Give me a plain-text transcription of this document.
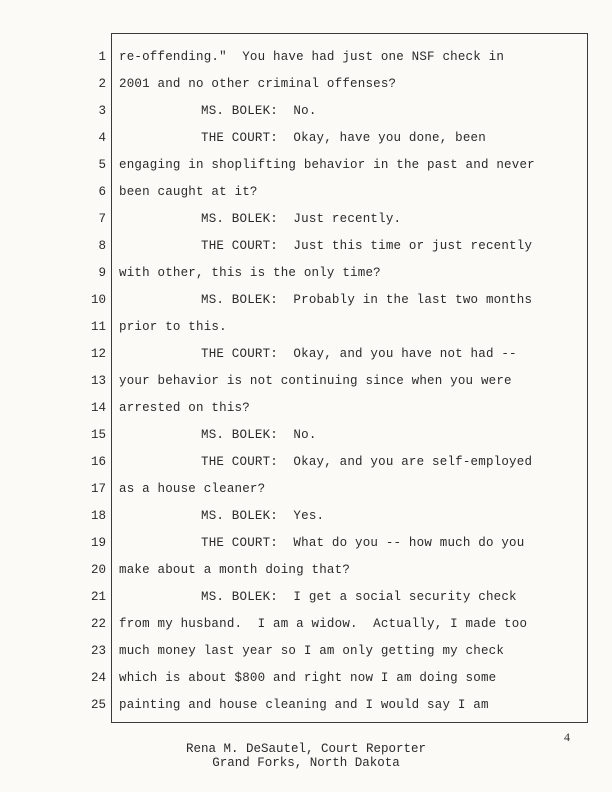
1 re-offending."  You have had just one NSF check in
2 2001 and no other criminal offenses?
3	MS. BOLEK:  No.
4	THE COURT:  Okay, have you done, been
5 engaging in shoplifting behavior in the past and never
6 been caught at it?
7	MS. BOLEK:  Just recently.
8	THE COURT:  Just this time or just recently
9 with other, this is the only time?
10	MS. BOLEK:  Probably in the last two months
11 prior to this.
12	THE COURT:  Okay, and you have not had --
13 your behavior is not continuing since when you were
14 arrested on this?
15	MS. BOLEK:  No.
16	THE COURT:  Okay, and you are self-employed
17 as a house cleaner?
18	MS. BOLEK:  Yes.
19	THE COURT:  What do you -- how much do you
20 make about a month doing that?
21	MS. BOLEK:  I get a social security check
22 from my husband.  I am a widow.  Actually, I made too
23 much money last year so I am only getting my check
24 which is about $800 and right now I am doing some
25 painting and house cleaning and I would say I am
4
Rena M. DeSautel, Court Reporter
Grand Forks, North Dakota
